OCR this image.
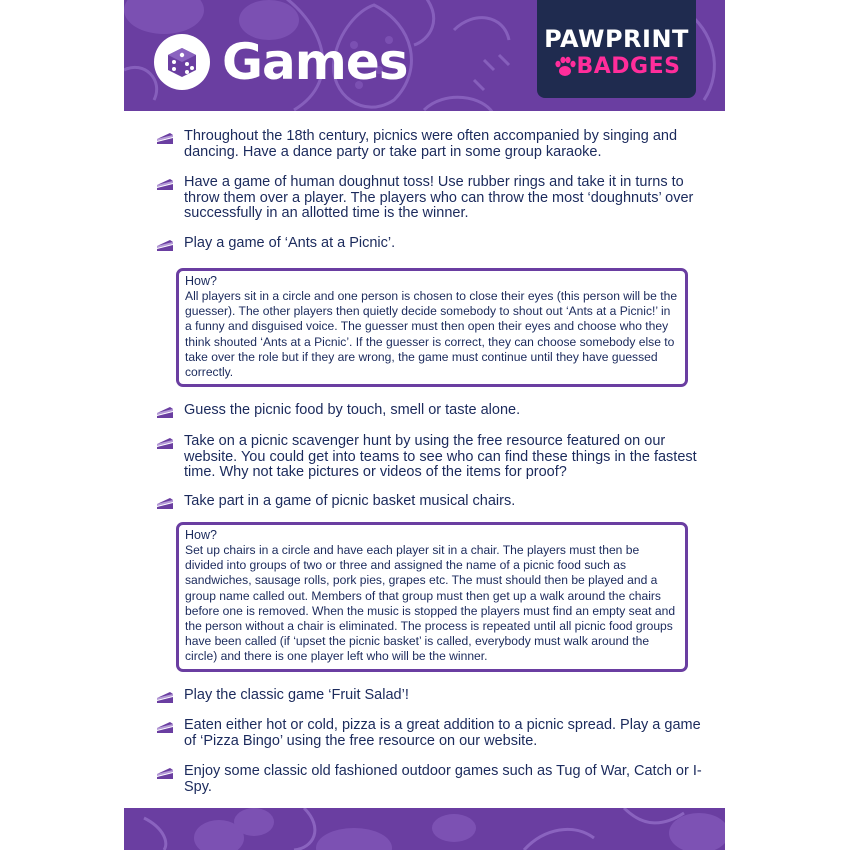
Games	PAWPRINT
BADGES
Throughout the 18th century, picnics were often accompanied by singing and dancing. Have a dance party or take part in some group karaoke.
Have a game of human doughnut toss! Use rubber rings and take it in turns to throw them over a player. The players who can throw the most ‘doughnuts’ over successfully in an allotted time is the winner.
Play a game of ‘Ants at a Picnic’.
How?
All players sit in a circle and one person is chosen to close their eyes (this person will be the guesser). The other players then quietly decide somebody to shout out ‘Ants at a Picnic!’ in a funny and disguised voice. The guesser must then open their eyes and choose who they think shouted ‘Ants at a Picnic’. If the guesser is correct, they can choose somebody else to take over the role but if they are wrong, the game must continue until they have guessed correctly.
Guess the picnic food by touch, smell or taste alone.
Take on a picnic scavenger hunt by using the free resource featured on our website. You could get into teams to see who can find these things in the fastest time. Why not take pictures or videos of the items for proof?
Take part in a game of picnic basket musical chairs.
How?
Set up chairs in a circle and have each player sit in a chair. The players must then be divided into groups of two or three and assigned the name of a picnic food such as sandwiches, sausage rolls, pork pies, grapes etc. The must should then be played and a group name called out. Members of that group must then get up a walk around the chairs before one is removed. When the music is stopped the players must find an empty seat and the person without a chair is eliminated. The process is repeated until all picnic food groups have been called (if ‘upset the picnic basket’ is called, everybody must walk around the circle) and there is one player left who will be the winner.
Play the classic game ‘Fruit Salad’!
Eaten either hot or cold, pizza is a great addition to a picnic spread. Play a game of ‘Pizza Bingo’ using the free resource on our website.
Enjoy some classic old fashioned outdoor games such as Tug of War, Catch or I-Spy.
